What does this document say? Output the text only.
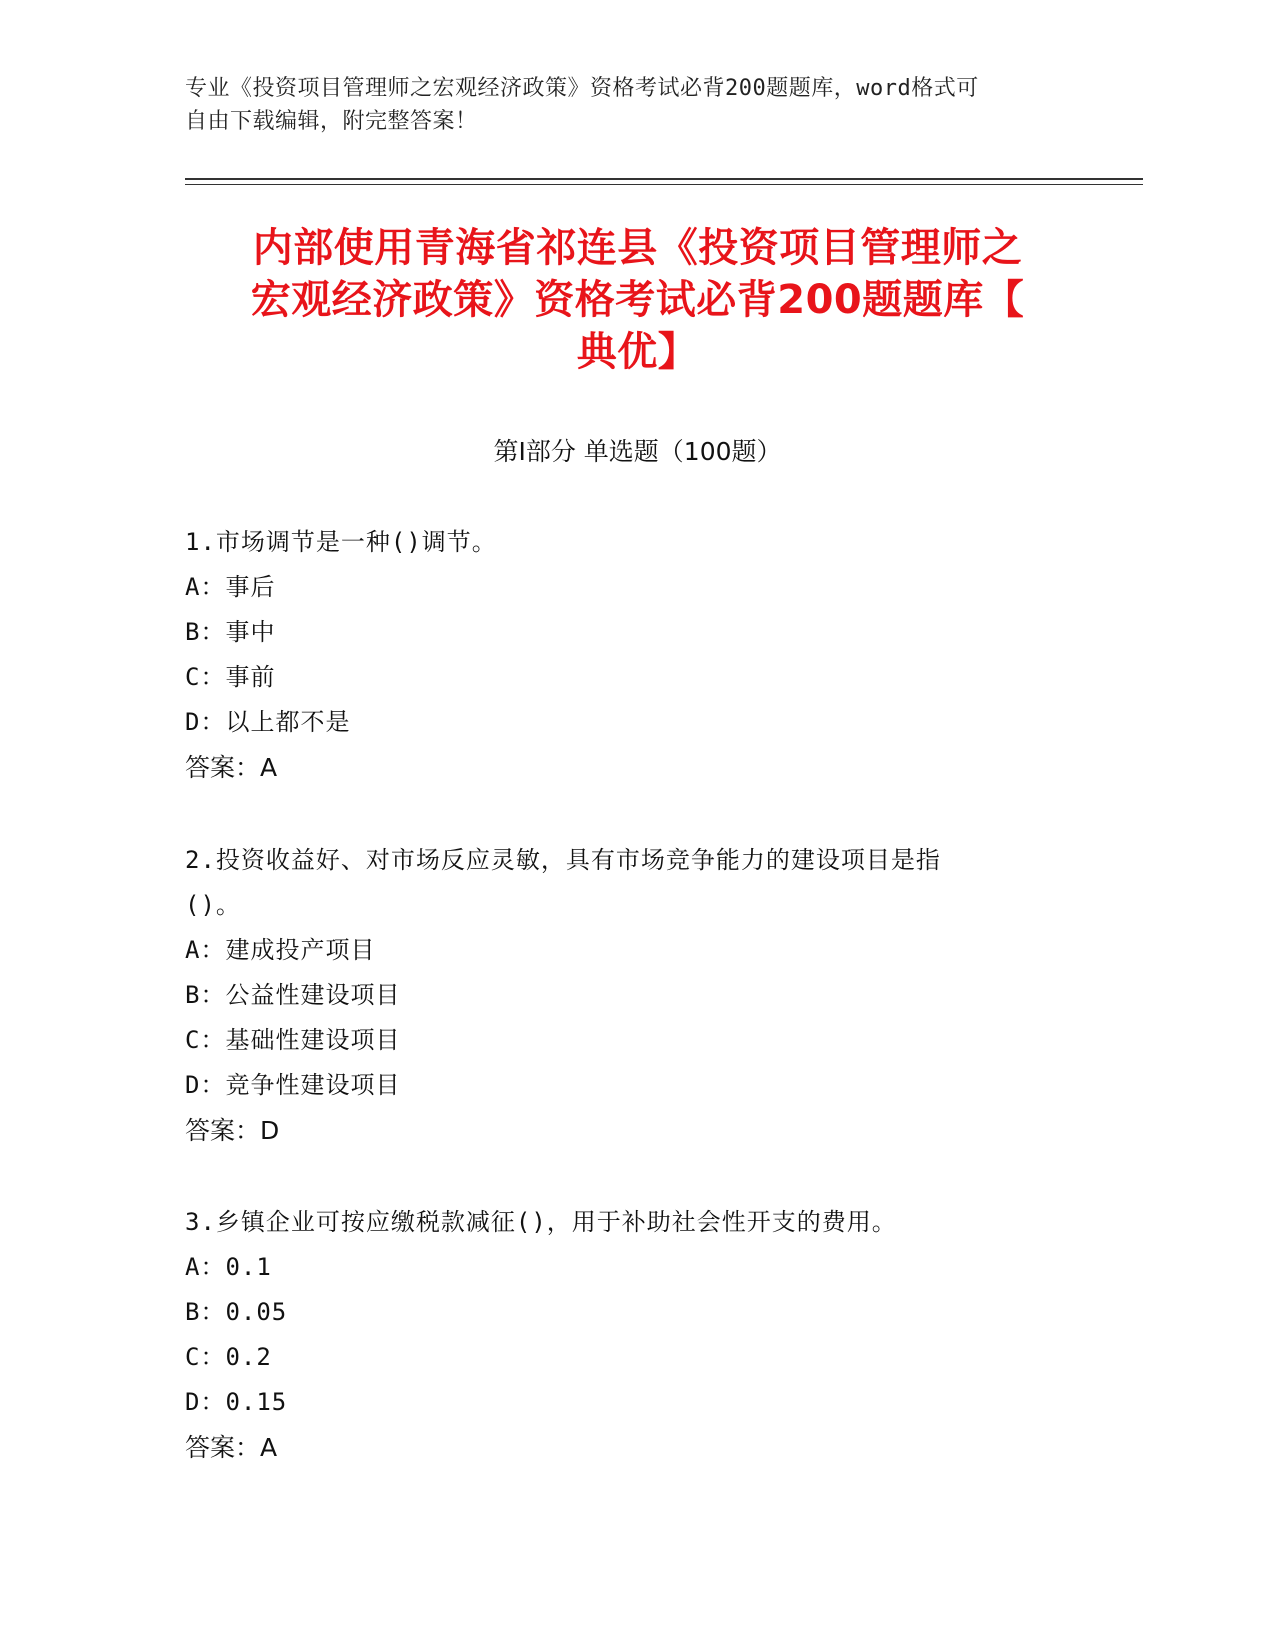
专业《投资项目管理师之宏观经济政策》资格考试必背200题题库，word格式可
自由下载编辑，附完整答案！
内部使用青海省祁连县《投资项目管理师之
宏观经济政策》资格考试必背200题题库【
典优】
第Ⅰ部分 单选题（100题）
1.市场调节是一种()调节。
A：事后
B：事中
C：事前
D：以上都不是
答案：A
2.投资收益好、对市场反应灵敏，具有市场竞争能力的建设项目是指
()。
A：建成投产项目
B：公益性建设项目
C：基础性建设项目
D：竞争性建设项目
答案：D
3.乡镇企业可按应缴税款减征()，用于补助社会性开支的费用。
A：0.1
B：0.05
C：0.2
D：0.15
答案：A
